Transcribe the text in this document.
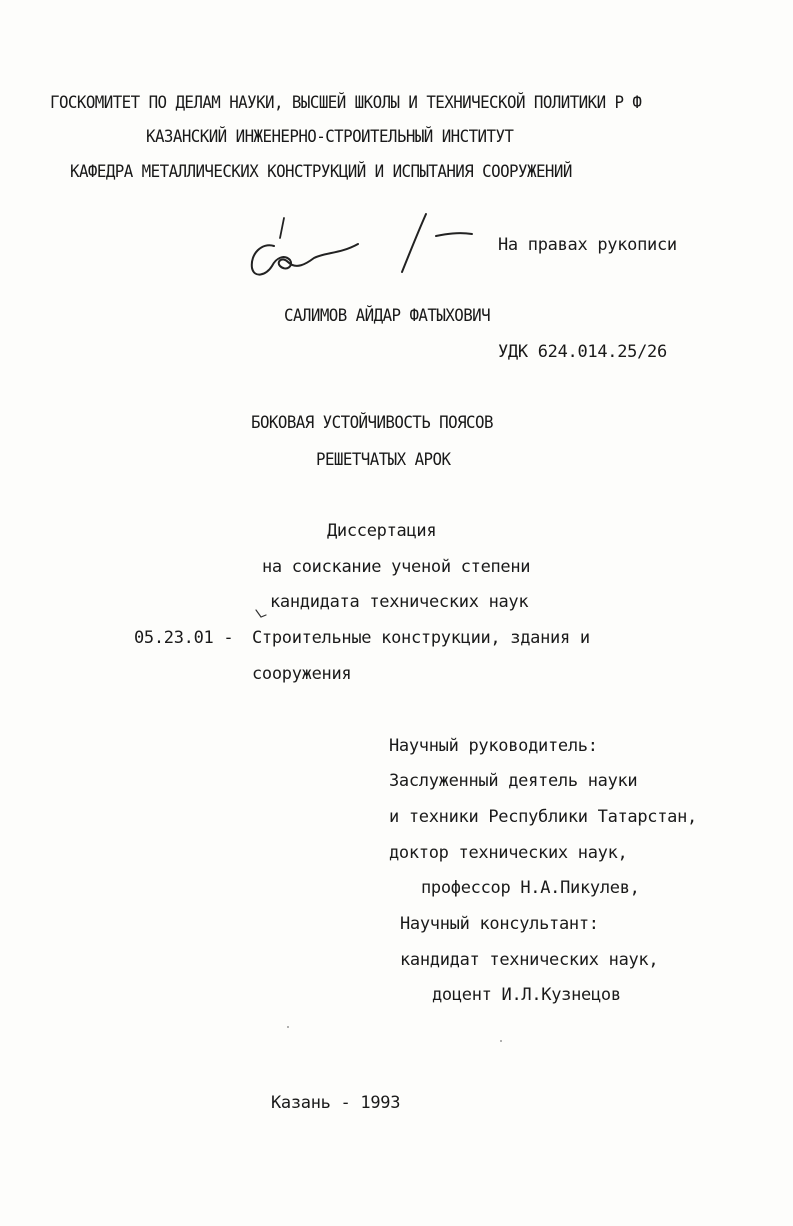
ГОСКОМИТЕТ ПО ДЕЛАМ НАУКИ, ВЫСШЕЙ ШКОЛЫ И ТЕХНИЧЕСКОЙ ПОЛИТИКИ Р Ф
КАЗАНСКИЙ ИНЖЕНЕРНО-СТРОИТЕЛЬНЫЙ ИНСТИТУТ
КАФЕДРА МЕТАЛЛИЧЕСКИХ КОНСТРУКЦИЙ И ИСПЫТАНИЯ СООРУЖЕНИЙ
На правах рукописи
САЛИМОВ АЙДАР ФАТЫХОВИЧ
УДК 624.014.25/26
БОКОВАЯ УСТОЙЧИВОСТЬ ПОЯСОВ
РЕШЕТЧАТЫХ АРОК
Диссертация
на соискание ученой степени
кандидата технических наук
05.23.01 - Строительные конструкции, здания и
сооружения
Научный руководитель:
Заслуженный деятель науки
и техники Республики Татарстан,
доктор технических наук,
профессор Н.А.Пикулев,
Научный консультант:
кандидат технических наук,
доцент И.Л.Кузнецов
Казань - 1993
